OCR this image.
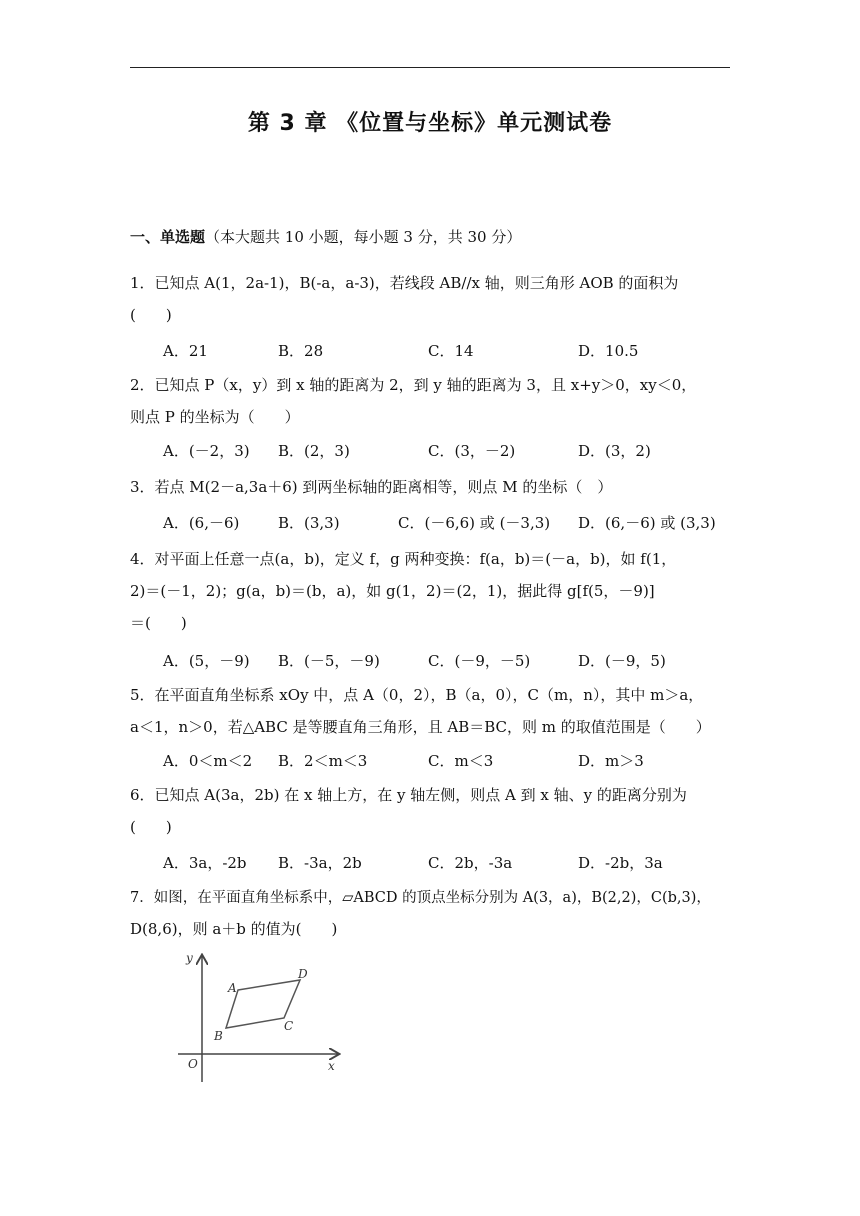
第 3 章 《位置与坐标》单元测试卷
一、单选题（本大题共 10 小题，每小题 3 分，共 30 分）
1．已知点 A(1，2a-1)，B(-a，a-3)，若线段 AB//x 轴，则三角形 AOB 的面积为
(　　)
A．21	B．28	C．14	D．10.5
2．已知点 P（x，y）到 x 轴的距离为 2，到 y 轴的距离为 3，且 x+y＞0，xy＜0，
则点 P 的坐标为（　　）
A．(－2，3) B．(2，3)	C．(3，－2)	D．(3，2)
3．若点 M(2－a,3a＋6) 到两坐标轴的距离相等，则点 M 的坐标（　）
A．(6,－6)	B．(3,3)	C．(－6,6) 或 (－3,3) D．(6,－6) 或 (3,3)
4．对平面上任意一点(a，b)，定义 f，g 两种变换：f(a，b)＝(－a，b)，如 f(1，
2)＝(－1，2)；g(a，b)＝(b，a)，如 g(1，2)＝(2，1)，据此得 g[f(5，－9)]
＝(　　)
A．(5，－9) B．(－5，－9)	C．(－9，－5)	D．(－9，5)
5．在平面直角坐标系 xOy 中，点 A（0，2），B（a，0），C（m，n），其中 m＞a，
a＜1，n＞0，若△ABC 是等腰直角三角形，且 AB＝BC，则 m 的取值范围是（　　）
A．0＜m＜2 B．2＜m＜3	C．m＜3	D．m＞3
6．已知点 A(3a，2b) 在 x 轴上方，在 y 轴左侧，则点 A 到 x 轴、y 的距离分别为
(　　)
A．3a，-2b B．-3a，2b	C．2b，-3a	D．-2b，3a
7．如图，在平面直角坐标系中，▱ABCD 的顶点坐标分别为 A(3，a)，B(2,2)，C(b,3)，
D(8,6)，则 a＋b 的值为(　　)
y
x
O
A
B
C
D
